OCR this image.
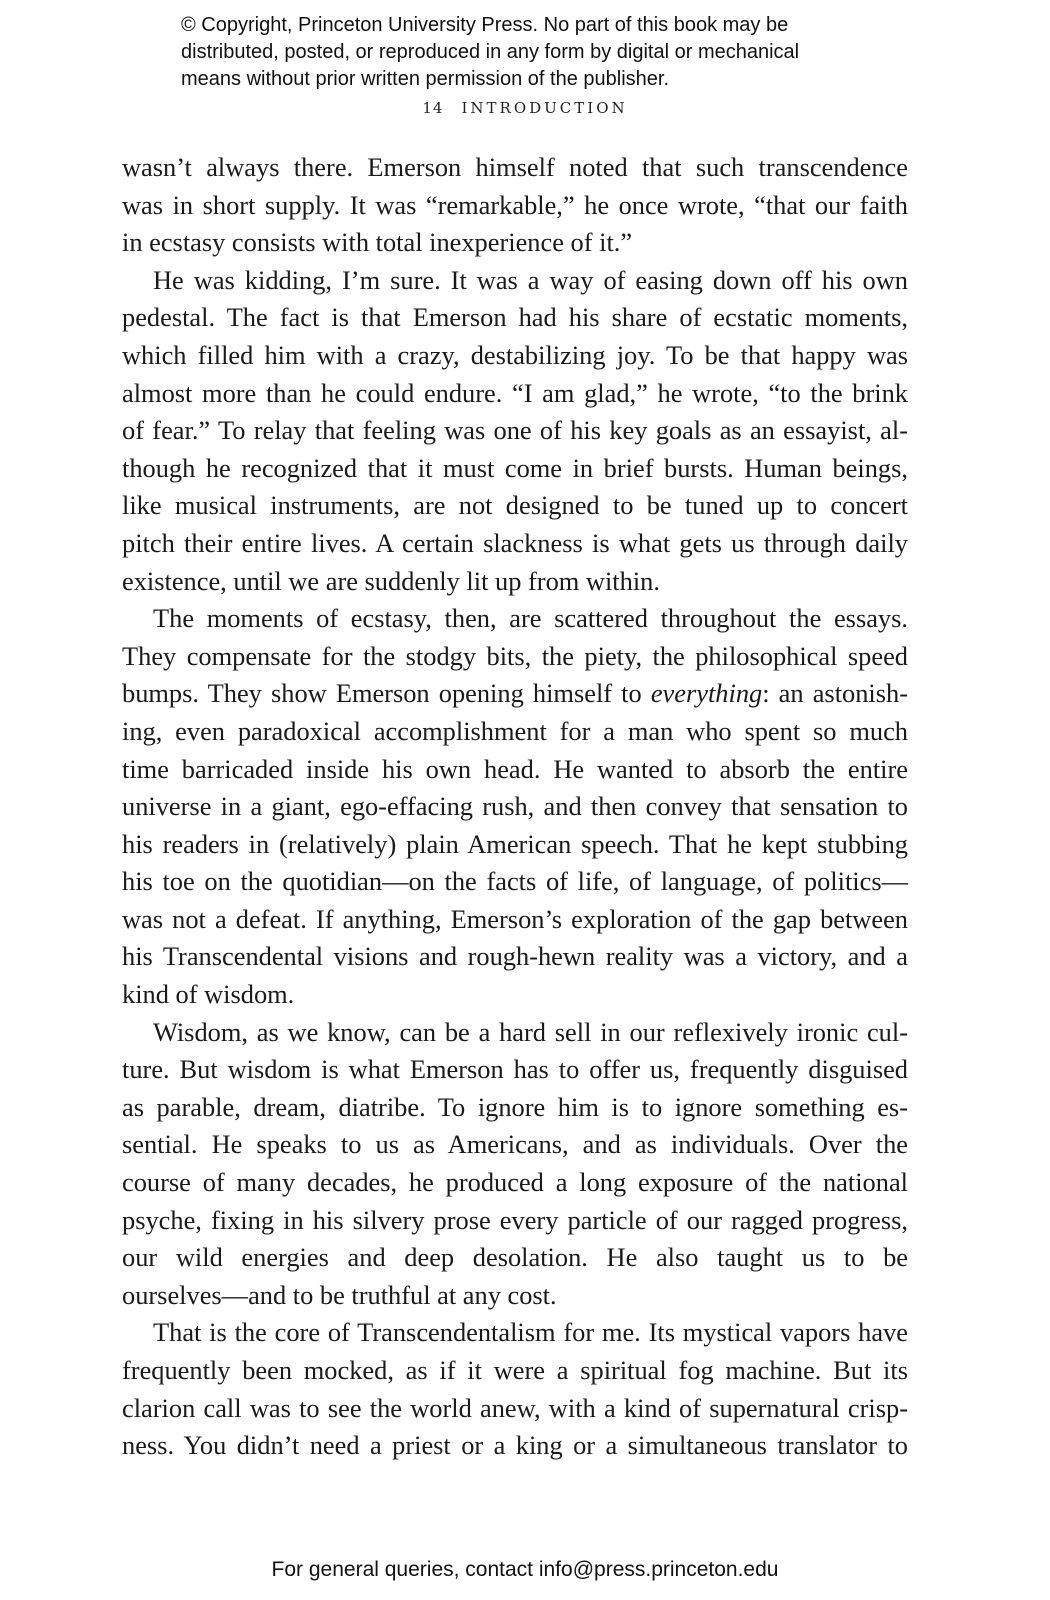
© Copyright, Princeton University Press. No part of this book may be
distributed, posted, or reproduced in any form by digital or mechanical
means without prior written permission of the publisher.
14 INTRODUCTION
wasn’t always there. Emerson himself noted that such transcendence
was in short supply. It was “remarkable,” he once wrote, “that our faith
in ecstasy consists with total inexperience of it.”
He was kidding, I’m sure. It was a way of easing down off his own
pedestal. The fact is that Emerson had his share of ecstatic moments,
which filled him with a crazy, destabilizing joy. To be that happy was
almost more than he could endure. “I am glad,” he wrote, “to the brink
of fear.” To relay that feeling was one of his key goals as an essayist, al-
though he recognized that it must come in brief bursts. Human beings,
like musical instruments, are not designed to be tuned up to concert
pitch their entire lives. A certain slackness is what gets us through daily
existence, until we are suddenly lit up from within.
The moments of ecstasy, then, are scattered throughout the essays.
They compensate for the stodgy bits, the piety, the philosophical speed
bumps. They show Emerson opening himself to everything: an astonish-
ing, even paradoxical accomplishment for a man who spent so much
time barricaded inside his own head. He wanted to absorb the entire
universe in a giant, ego-effacing rush, and then convey that sensation to
his readers in (relatively) plain American speech. That he kept stubbing
his toe on the quotidian—on the facts of life, of language, of politics—
was not a defeat. If anything, Emerson’s exploration of the gap between
his Transcendental visions and rough-hewn reality was a victory, and a
kind of wisdom.
Wisdom, as we know, can be a hard sell in our reflexively ironic cul-
ture. But wisdom is what Emerson has to offer us, frequently disguised
as parable, dream, diatribe. To ignore him is to ignore something es-
sential. He speaks to us as Americans, and as individuals. Over the
course of many decades, he produced a long exposure of the national
psyche, fixing in his silvery prose every particle of our ragged progress,
our wild energies and deep desolation. He also taught us to be
ourselves—and to be truthful at any cost.
That is the core of Transcendentalism for me. Its mystical vapors have
frequently been mocked, as if it were a spiritual fog machine. But its
clarion call was to see the world anew, with a kind of supernatural crisp-
ness. You didn’t need a priest or a king or a simultaneous translator to
For general queries, contact info@press.princeton.edu
